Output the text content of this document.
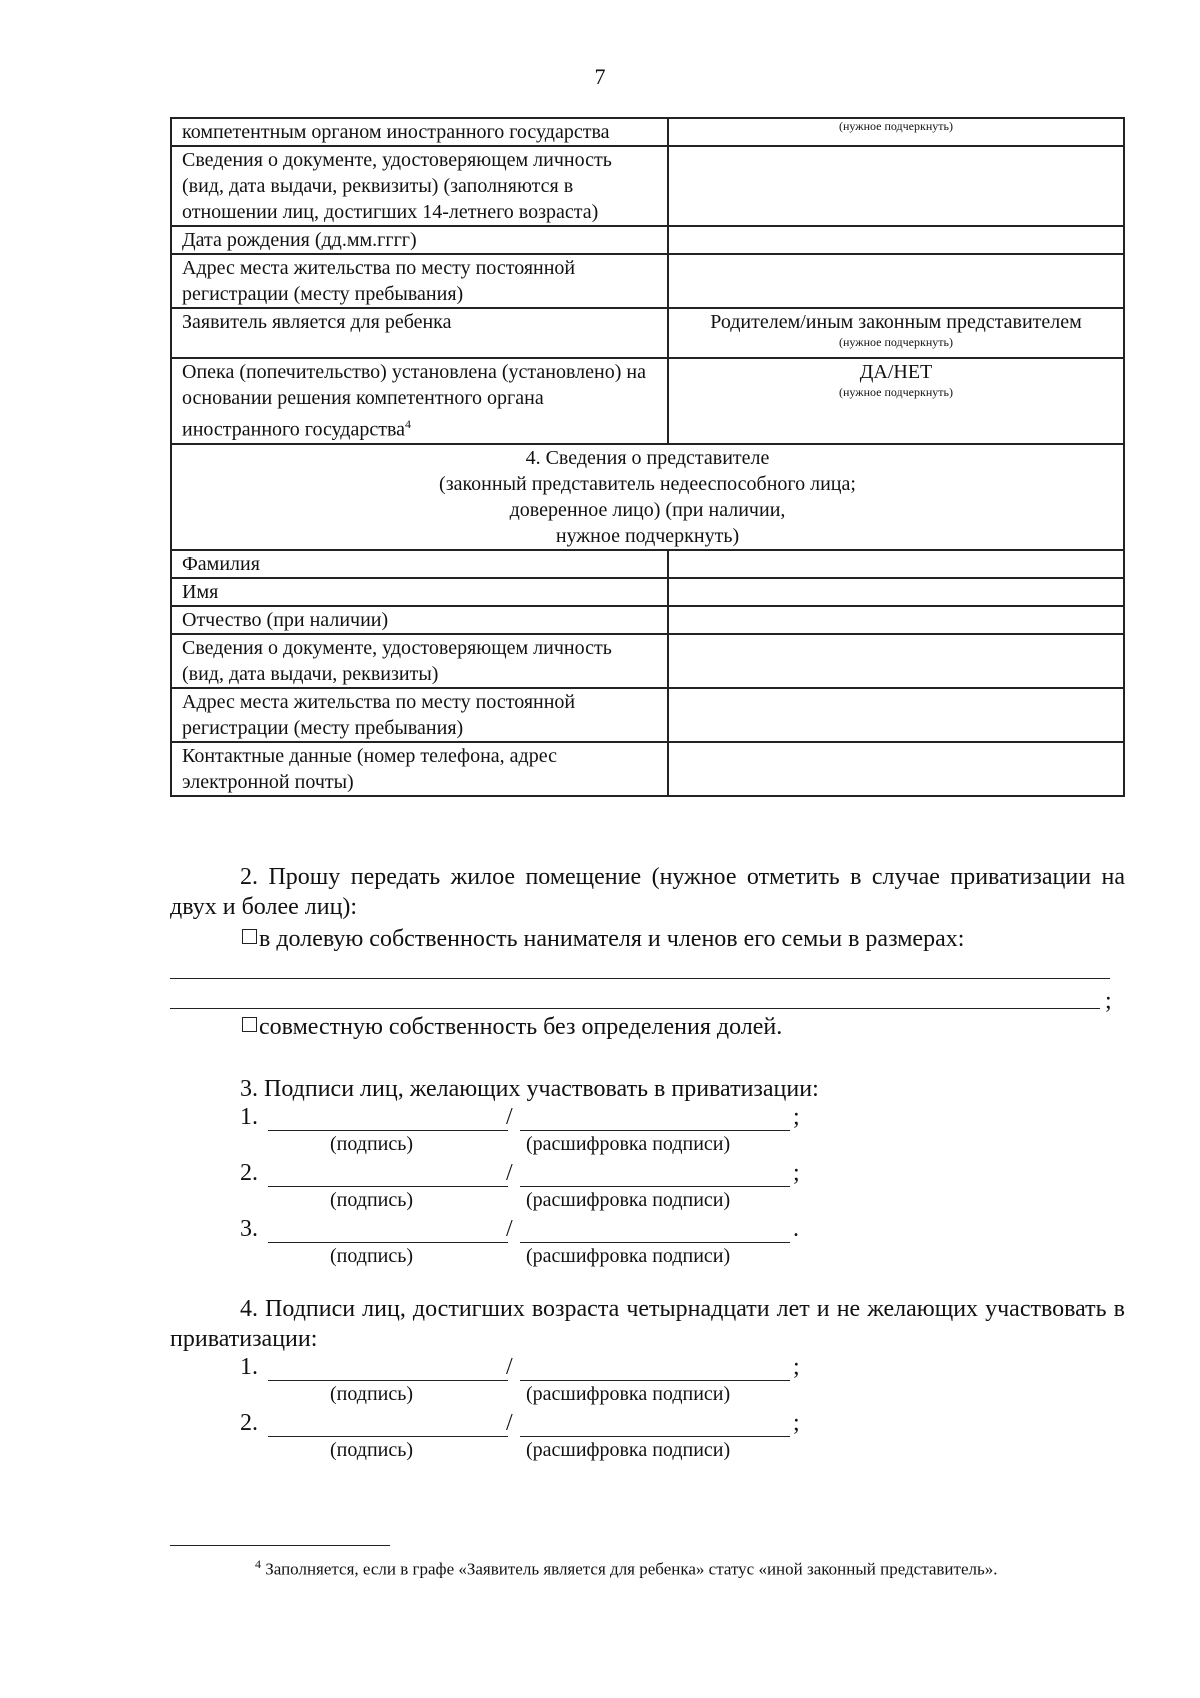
7
компетентным органом иностранного государства	(нужное подчеркнуть)

Сведения о документе, удостоверяющем личность (вид, дата выдачи, реквизиты) (заполняются в отношении лиц, достигших 14-летнего возраста)	
Дата рождения (дд.мм.гггг)	
Адрес места жительства по месту постоянной регистрации (месту пребывания)	
Заявитель является для ребенка	Родителем/иным законным представителем
(нужное подчеркнуть)

Опека (попечительство) установлена (установлено) на основании решения компетентного органа иностранного государства$^4$	ДА/НЕТ
(нужное подчеркнуть)

4. Сведения о представителе
(законный представитель недееспособного лица;
доверенное лицо) (при наличии,
нужное подчеркнуть)	

Фамилия	
Имя	
Отчество (при наличии)	
Сведения о документе, удостоверяющем личность (вид, дата выдачи, реквизиты)	
Адрес места жительства по месту постоянной регистрации (месту пребывания)	
Контактные данные (номер телефона, адрес электронной почты)	
2. Прошу передать жилое помещение (нужное отметить в случае приватизации на двух и более лиц):
в долевую собственность нанимателя и членов его семьи в размерах:
;
совместную собственность без определения долей.
3. Подписи лиц, желающих участвовать в приватизации:
1.	/	;
(подпись)	(расшифровка подписи)
2.	/	;
(подпись)	(расшифровка подписи)
3.	/	.
(подпись)	(расшифровка подписи)
4. Подписи лиц, достигших возраста четырнадцати лет и не желающих участвовать в приватизации:
1.	/	;
(подпись)	(расшифровка подписи)
2.	/	;
(подпись)	(расшифровка подписи)
$^4$ Заполняется, если в графе «Заявитель является для ребенка» статус «иной законный представитель».
